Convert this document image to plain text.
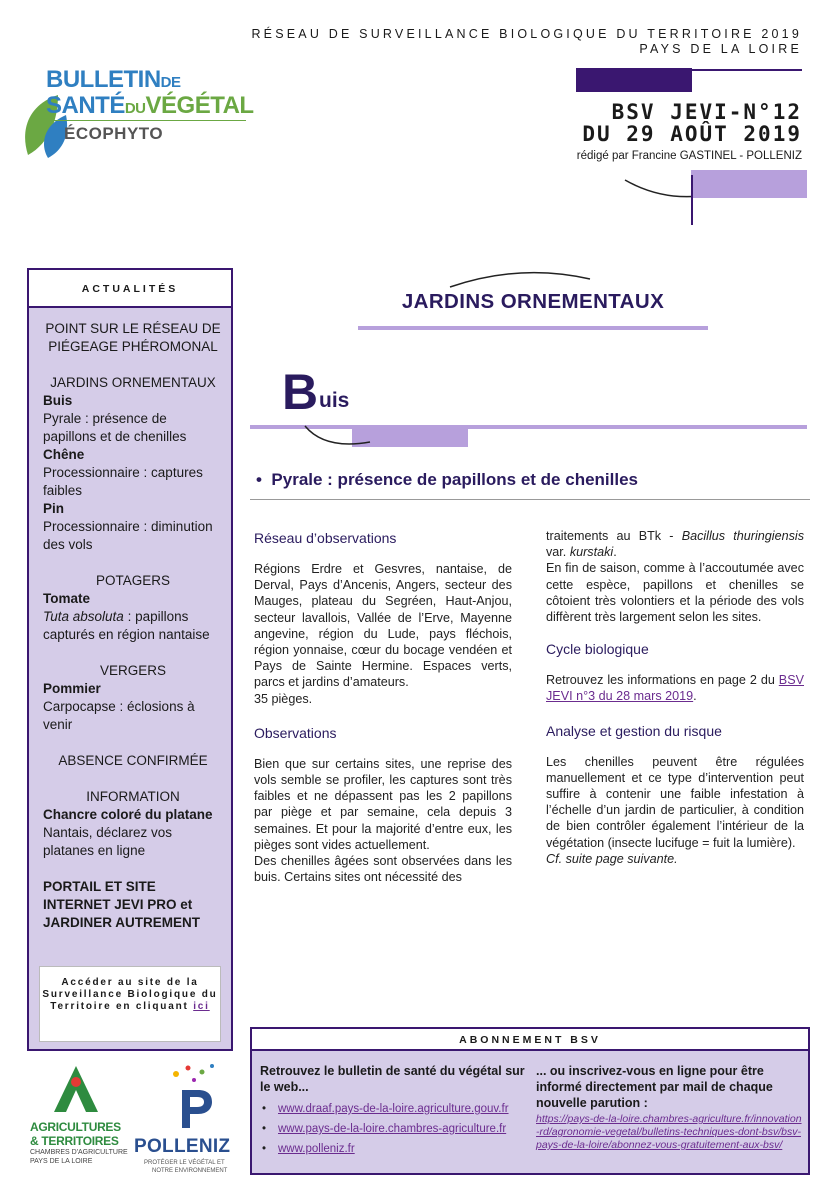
RÉSEAU DE SURVEILLANCE BIOLOGIQUE DU TERRITOIRE 2019
PAYS DE LA LOIRE
BSV JEVI-N°12
DU 29 AOÛT 2019
rédigé par Francine GASTINEL - POLLENIZ
BULLETINDE
SANTÉDUVÉGÉTAL
ÉCOPHYTO
ACTUALITÉS
POINT SUR LE RÉSEAU DE PIÉGEAGE PHÉROMONAL
JARDINS ORNEMENTAUX
Buis
Pyrale : présence de papillons et de chenilles
Chêne
Processionnaire : captures faibles
Pin
Processionnaire : diminution des vols
POTAGERS
Tomate
Tuta absoluta : papillons capturés en région nantaise
VERGERS
Pommier
Carpocapse : éclosions à venir
ABSENCE CONFIRMÉE
INFORMATION
Chancre coloré du platane
Nantais, déclarez vos platanes en ligne
PORTAIL ET SITE INTERNET JEVI PRO et JARDINER AUTREMENT
Accéder au site de la Surveillance Biologique du Territoire en cliquant ici
JARDINS ORNEMENTAUX
B uis
•  Pyrale : présence de papillons et de chenilles
Réseau d’observations

Régions Erdre et Gesvres, nantaise, de Derval, Pays d’Ancenis, Angers, secteur des Mauges, plateau du Segréen, Haut-Anjou, secteur lavallois, Vallée de l’Erve, Mayenne angevine, région du Lude, pays fléchois, région yonnaise, cœur du bocage vendéen et Pays de Sainte Hermine. Espaces verts, parcs et jardins d’amateurs.

35 pièges.

Observations

Bien que sur certains sites, une reprise des vols semble se profiler, les captures sont très faibles et ne dépassent pas les 2 papillons par piège et par semaine, cela depuis 3 semaines. Et pour la majorité d’entre eux, les pièges sont vides actuellement.

Des chenilles âgées sont observées dans les buis. Certains sites ont nécessité des

traitements au BTk - Bacillus thuringiensis var. kurstaki.

En fin de saison, comme à l’accoutumée avec cette espèce, papillons et chenilles se côtoient très volontiers et la période des vols diffèrent très largement selon les sites.

Cycle biologique

Retrouvez les informations en page 2 du BSV JEVI n°3 du 28 mars 2019.

Analyse et gestion du risque

Les chenilles peuvent être régulées manuellement et ce type d’intervention peut suffire à contenir une faible infestation à l’échelle d’un jardin de particulier, à condition de bien contrôler également l’intérieur de la végétation (insecte lucifuge = fuit la lumière).

Cf. suite page suivante.

ABONNEMENT BSV
Retrouvez le bulletin de santé du végétal sur le web...
• www.draaf.pays-de-la-loire.agriculture.gouv.fr
• www.pays-de-la-loire.chambres-agriculture.fr
• www.polleniz.fr
... ou inscrivez-vous en ligne pour être informé directement par mail de chaque nouvelle parution :
https://pays-de-la-loire.chambres-agriculture.fr/innovation-rd/agronomie-vegetal/bulletins-techniques-dont-bsv/bsv-pays-de-la-loire/abonnez-vous-gratuitement-aux-bsv/
AGRICULTURES
& TERRITOIRES
CHAMBRES D'AGRICULTURE
PAYS DE LA LOIRE
POLLENIZ
PROTÉGER LE VÉGÉTAL ET
NOTRE ENVIRONNEMENT
